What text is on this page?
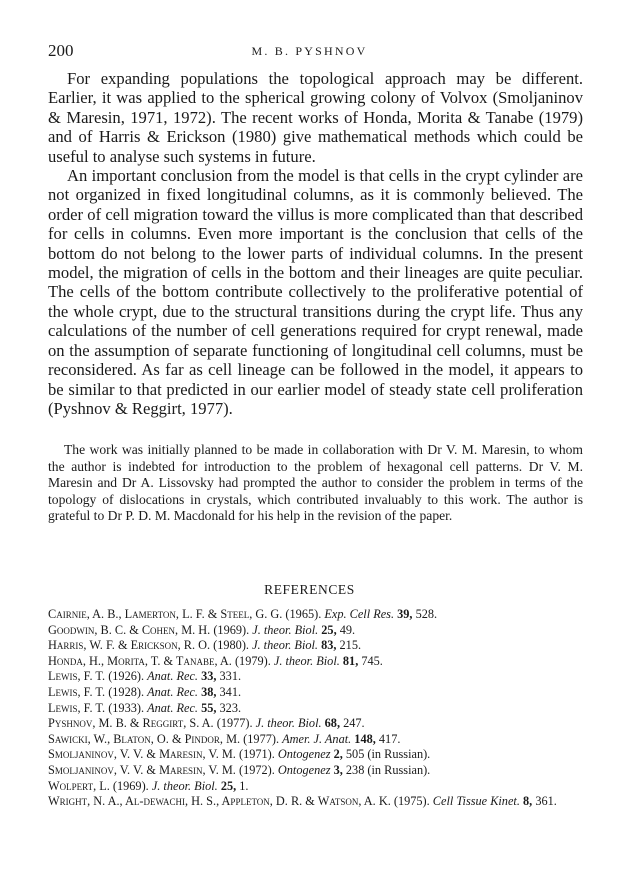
200	M. B. PYSHNOV

For expanding populations the topological approach may be different. Earlier, it was applied to the spherical growing colony of Volvox (Smoljaninov & Maresin, 1971, 1972). The recent works of Honda, Morita & Tanabe (1979) and of Harris & Erickson (1980) give mathematical methods which could be useful to analyse such systems in future.

An important conclusion from the model is that cells in the crypt cylinder are not organized in fixed longitudinal columns, as it is commonly believed. The order of cell migration toward the villus is more complicated than that described for cells in columns. Even more important is the conclusion that cells of the bottom do not belong to the lower parts of individual columns. In the present model, the migration of cells in the bottom and their lineages are quite peculiar. The cells of the bottom contribute collectively to the proliferative potential of the whole crypt, due to the structural transitions during the crypt life. Thus any calculations of the number of cell generations required for crypt renewal, made on the assumption of separate functioning of longitudinal cell columns, must be reconsidered. As far as cell lineage can be followed in the model, it appears to be similar to that predicted in our earlier model of steady state cell proliferation (Pyshnov & Reggirt, 1977).

The work was initially planned to be made in collaboration with Dr V. M. Maresin, to whom the author is indebted for introduction to the problem of hexagonal cell patterns. Dr V. M. Maresin and Dr A. Lissovsky had prompted the author to consider the problem in terms of the topology of dislocations in crystals, which contributed invaluably to this work. The author is grateful to Dr P. D. M. Macdonald for his help in the revision of the paper.

REFERENCES
Cairnie, A. B., Lamerton, L. F. & Steel, G. G. (1965). Exp. Cell Res. 39, 528.
Goodwin, B. C. & Cohen, M. H. (1969). J. theor. Biol. 25, 49.
Harris, W. F. & Erickson, R. O. (1980). J. theor. Biol. 83, 215.
Honda, H., Morita, T. & Tanabe, A. (1979). J. theor. Biol. 81, 745.
Lewis, F. T. (1926). Anat. Rec. 33, 331.
Lewis, F. T. (1928). Anat. Rec. 38, 341.
Lewis, F. T. (1933). Anat. Rec. 55, 323.
Pyshnov, M. B. & Reggirt, S. A. (1977). J. theor. Biol. 68, 247.
Sawicki, W., Blaton, O. & Pindor, M. (1977). Amer. J. Anat. 148, 417.
Smoljaninov, V. V. & Maresin, V. M. (1971). Ontogenez 2, 505 (in Russian).
Smoljaninov, V. V. & Maresin, V. M. (1972). Ontogenez 3, 238 (in Russian).
Wolpert, L. (1969). J. theor. Biol. 25, 1.
Wright, N. A., Al-dewachi, H. S., Appleton, D. R. & Watson, A. K. (1975). Cell Tissue Kinet. 8, 361.
